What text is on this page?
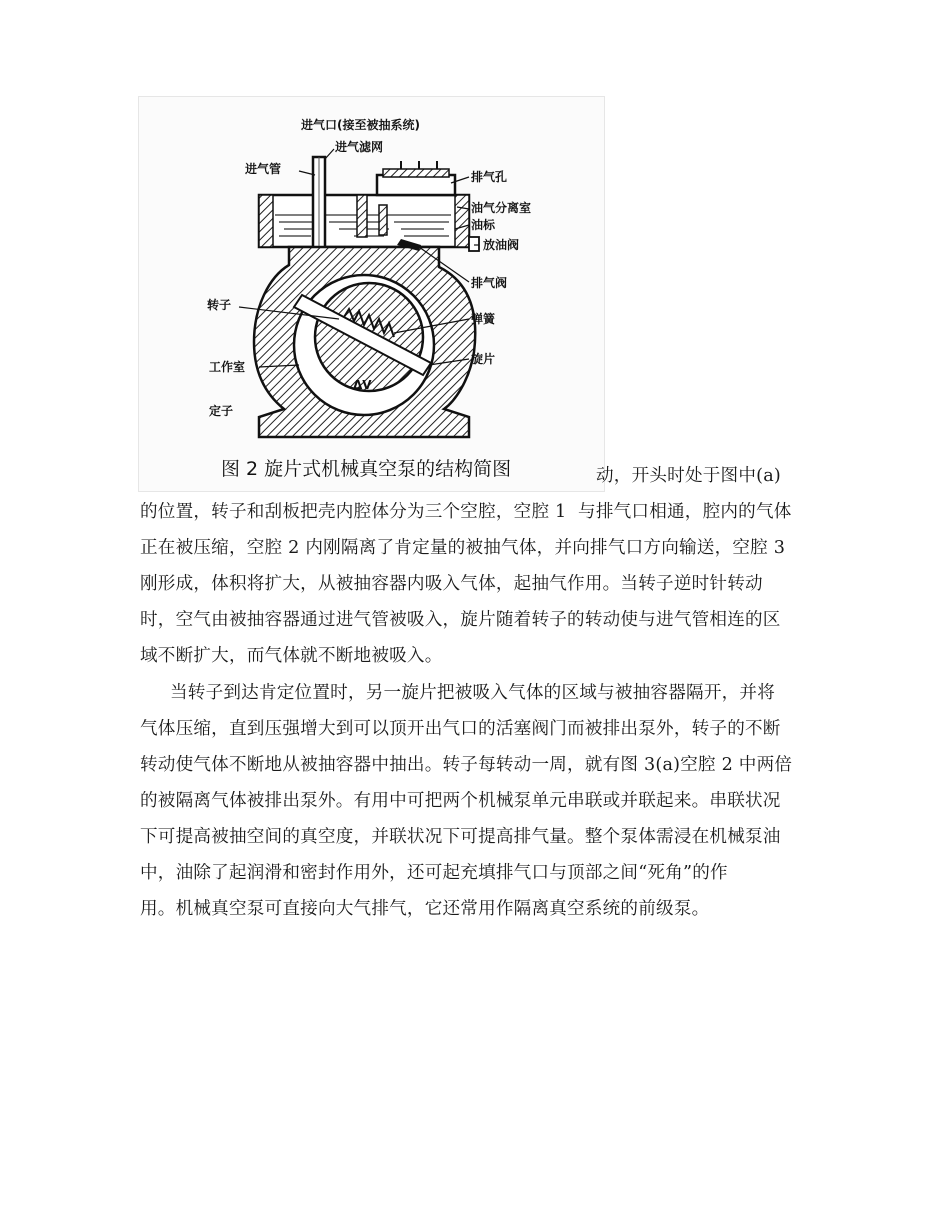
进气口(接至被抽系统)
进气滤网
进气管
排气孔
油气分离室
油标
放油阀
排气阀
转子
弹簧
旋片
工作室
ΔV
定子
图 2 旋片式机械真空泵的结构简图	动，开头时处于图中(a)
的位置，转子和刮板把壳内腔体分为三个空腔，空腔 1  与排气口相通，腔内的气体
正在被压缩，空腔 2 内刚隔离了肯定量的被抽气体，并向排气口方向输送，空腔 3
刚形成，体积将扩大，从被抽容器内吸入气体，起抽气作用。当转子逆时针转动
时，空气由被抽容器通过进气管被吸入，旋片随着转子的转动使与进气管相连的区
域不断扩大，而气体就不断地被吸入。
当转子到达肯定位置时，另一旋片把被吸入气体的区域与被抽容器隔开，并将
气体压缩，直到压强增大到可以顶开出气口的活塞阀门而被排出泵外，转子的不断
转动使气体不断地从被抽容器中抽出。转子每转动一周，就有图 3(a)空腔 2 中两倍
的被隔离气体被排出泵外。有用中可把两个机械泵单元串联或并联起来。串联状况
下可提高被抽空间的真空度，并联状况下可提高排气量。整个泵体需浸在机械泵油
中，油除了起润滑和密封作用外，还可起充填排气口与顶部之间“死角”的作
用。机械真空泵可直接向大气排气，它还常用作隔离真空系统的前级泵。
